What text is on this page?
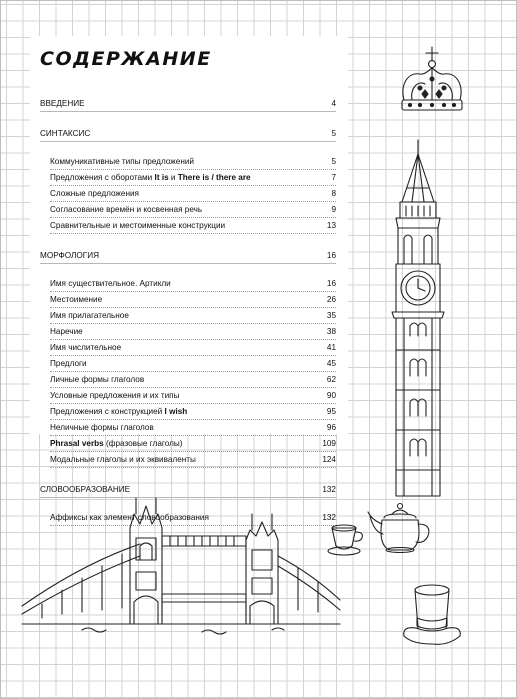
СОДЕРЖАНИЕ
ВВЕДЕНИЕ	4
СИНТАКСИС	5
Коммуникативные типы предложений	5
Предложения с оборотами It is и There is / there are	7
Сложные предложения	8
Согласование времён и косвенная речь	9
Сравнительные и местоименные конструкции	13
МОРФОЛОГИЯ	16
Имя существительное. Артикли	16
Местоимение	26
Имя прилагательное	35
Наречие	38
Имя числительное	41
Предлоги	45
Личные формы глаголов	62
Условные предложения и их типы	90
Предложения с конструкцией I wish	95
Неличные формы глаголов	96
Phrasal verbs (фразовые глаголы)	109
Модальные глаголы и их эквиваленты	124
СЛОВООБРАЗОВАНИЕ	132
Аффиксы как элемент словообразования	132
